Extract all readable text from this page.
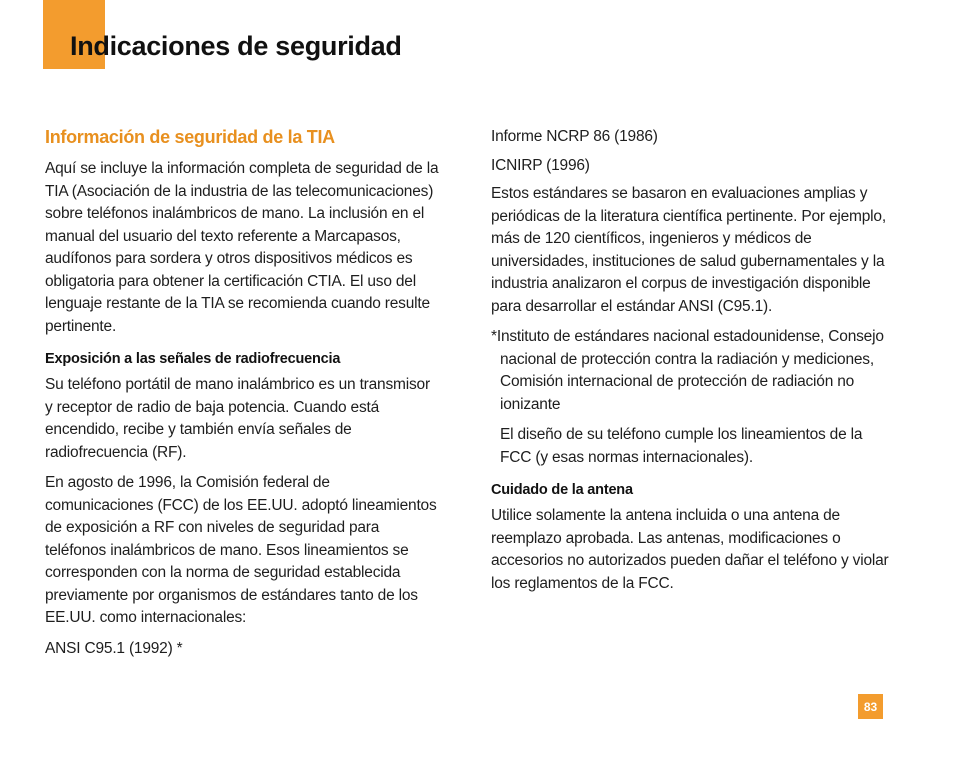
Indicaciones de seguridad
Información de seguridad de la TIA

Aquí se incluye la información completa de seguridad de la TIA (Asociación de la industria de las telecomunicaciones) sobre teléfonos inalámbricos de mano. La inclusión en el manual del usuario del texto referente a Marcapasos, audífonos para sordera y otros dispositivos médicos es obligatoria para obtener la certificación CTIA. El uso del lenguaje restante de la TIA se recomienda cuando resulte pertinente.

Exposición a las señales de radiofrecuencia

Su teléfono portátil de mano inalámbrico es un transmisor y receptor de radio de baja potencia. Cuando está encendido, recibe y también envía señales de radiofrecuencia (RF).

En agosto de 1996, la Comisión federal de comunicaciones (FCC) de los EE.UU. adoptó lineamientos de exposición a RF con niveles de seguridad para teléfonos inalámbricos de mano. Esos lineamientos se corresponden con la norma de seguridad establecida previamente por organismos de estándares tanto de los EE.UU. como internacionales:

ANSI C95.1 (1992) *

Informe NCRP 86 (1986)

ICNIRP (1996)

Estos estándares se basaron en evaluaciones amplias y periódicas de la literatura científica pertinente. Por ejemplo, más de 120 científicos, ingenieros y médicos de universidades, instituciones de salud gubernamentales y la industria analizaron el corpus de investigación disponible para desarrollar el estándar ANSI (C95.1).

*Instituto de estándares nacional estadounidense, Consejo nacional de protección contra la radiación y mediciones, Comisión internacional de protección de radiación no ionizante

El diseño de su teléfono cumple los lineamientos de la FCC (y esas normas internacionales).

Cuidado de la antena

Utilice solamente la antena incluida o una antena de reemplazo aprobada. Las antenas, modificaciones o accesorios no autorizados pueden dañar el teléfono y violar los reglamentos de la FCC.

83
